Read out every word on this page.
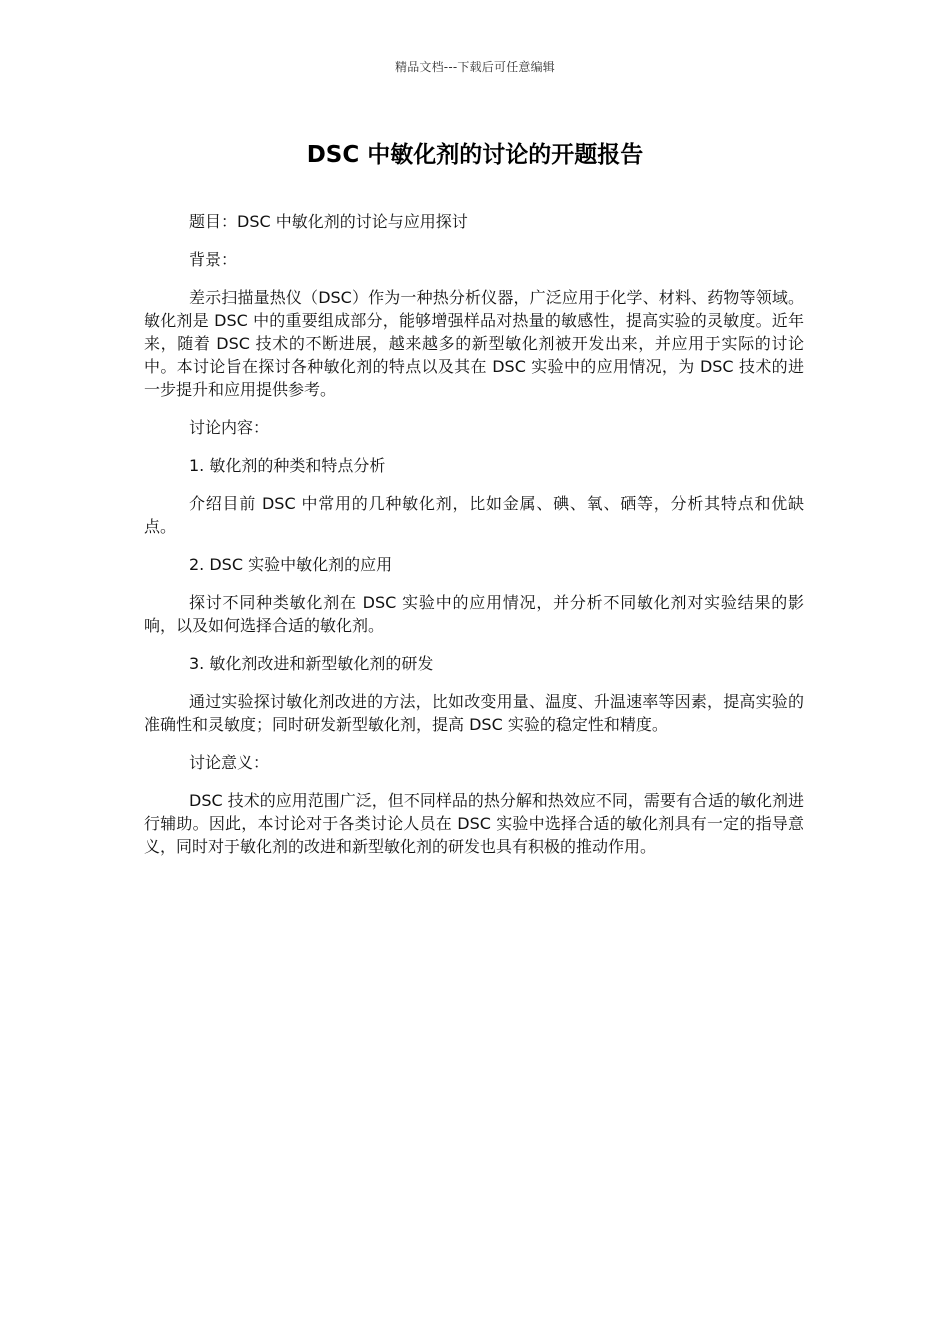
精品文档---下载后可任意编辑
DSC 中敏化剂的讨论的开题报告

题目：DSC 中敏化剂的讨论与应用探讨

背景：

差示扫描量热仪（DSC）作为一种热分析仪器，广泛应用于化学、材料、药物等领域。敏化剂是 DSC 中的重要组成部分，能够增强样品对热量的敏感性，提高实验的灵敏度。近年来，随着 DSC 技术的不断进展，越来越多的新型敏化剂被开发出来，并应用于实际的讨论中。本讨论旨在探讨各种敏化剂的特点以及其在 DSC 实验中的应用情况，为 DSC 技术的进一步提升和应用提供参考。

讨论内容：

1. 敏化剂的种类和特点分析

介绍目前 DSC 中常用的几种敏化剂，比如金属、碘、氧、硒等，分析其特点和优缺点。

2. DSC 实验中敏化剂的应用

探讨不同种类敏化剂在 DSC 实验中的应用情况，并分析不同敏化剂对实验结果的影响，以及如何选择合适的敏化剂。

3. 敏化剂改进和新型敏化剂的研发

通过实验探讨敏化剂改进的方法，比如改变用量、温度、升温速率等因素，提高实验的准确性和灵敏度；同时研发新型敏化剂，提高 DSC 实验的稳定性和精度。

讨论意义：

DSC 技术的应用范围广泛，但不同样品的热分解和热效应不同，需要有合适的敏化剂进行辅助。因此，本讨论对于各类讨论人员在 DSC 实验中选择合适的敏化剂具有一定的指导意义，同时对于敏化剂的改进和新型敏化剂的研发也具有积极的推动作用。
